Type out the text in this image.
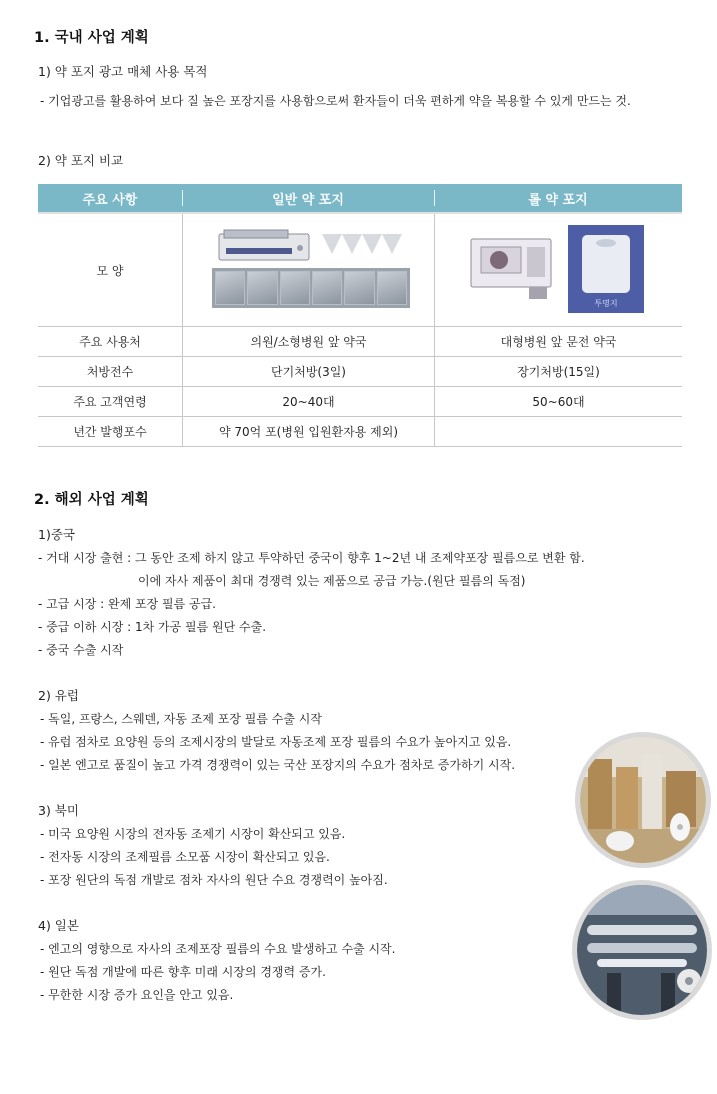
1. 국내 사업 계획
1) 약 포지 광고 매체 사용 목적
- 기업광고를 활용하여 보다 질 높은 포장지를 사용함으로써 환자들이 더욱 편하게 약을 복용할 수 있게 만드는 것.
2) 약 포지 비교
주요 사항	일반 약 포지	롤 약 포지
모 양
주요 사용처	의원/소형병원 앞 약국	대형병원 앞 문전 약국
처방전수	단기처방(3일)	장기처방(15일)
주요 고객연령	20~40대	50~60대
년간 발행포수	약 70억 포(병원 입원환자용 제외)
투명지
2. 해외 사업 계획
1)중국
- 거대 시장 출현 : 그 동안 조제 하지 않고 투약하던 중국이 향후 1~2년 내 조제약포장 필름으로 변환 함.
이에 자사 제품이 최대 경쟁력 있는 제품으로 공급 가능.(원단 필름의 독점)
- 고급 시장 : 완제 포장 필름 공급.
- 중급 이하 시장 : 1차 가공 필름 원단 수출.
- 중국 수출 시작
2) 유럽
- 독일, 프랑스, 스웨덴, 자동 조제 포장 필름 수출 시작
- 유럽 점차로 요양원 등의 조제시장의 발달로 자동조제 포장 필름의 수요가 높아지고 있음.
- 일본 엔고로 품질이 높고 가격 경쟁력이 있는 국산 포장지의 수요가 점차로 증가하기 시작.
3) 북미
- 미국 요양원 시장의 전자동 조제기 시장이 확산되고 있음.
- 전자동 시장의 조제필름 소모품 시장이 확산되고 있음.
- 포장 원단의 독점 개발로 점차 자사의 원단 수요 경쟁력이 높아짐.
4) 일본
- 엔고의 영향으로 자사의 조제포장 필름의 수요 발생하고 수출 시작.
- 원단 독점 개발에 따른 향후 미래 시장의 경쟁력 증가.
- 무한한 시장 증가 요인을 안고 있음.
